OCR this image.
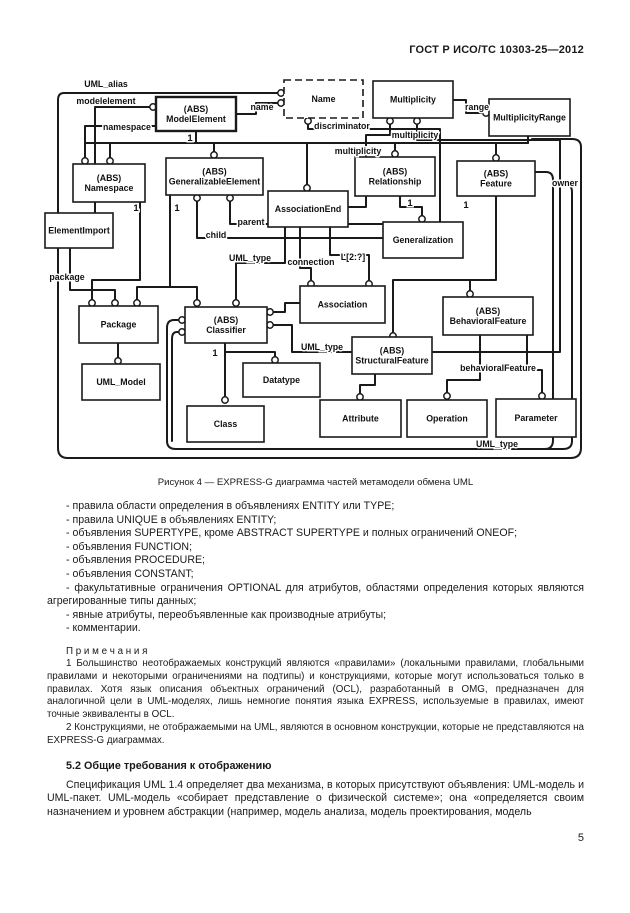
ГОСТ Р ИСО/ТС 10303-25—2012
(ABS) ModelElement
Name	Multiplicity
MultiplicityRange
(ABS) Namespace
(ABS) GeneralizableElement
(ABS) Relationship
(ABS) Feature
ElementImport
AssociationEnd
Generalization
Package	(ABS) Classifier
Association
(ABS) BehavioralFeature
UML_Model	Datatype
(ABS) StructuralFeature
Class
Attribute	Operation	Parameter
UML_alias
modelelement
namespace
name
discriminator
multiplicity
multiplicity
range
owner
parent
child
UML_type connection L[2:?]
package
UML_type
behavioralFeature
UML_type
1
1	1	1	1
1
Рисунок 4 — EXPRESS-G диаграмма частей метамодели обмена UML

- правила области определения в объявлениях ENTITY или TYPE;

- правила UNIQUE в объявлениях ENTITY;

- объявления SUPERTYPE, кроме ABSTRACT SUPERTYPE и полных ограничений ONEOF;

- объявления FUNCTION;

- объявления PROCEDURE;

- объявления CONSTANT;

- факультативные ограничения OPTIONAL для атрибутов, областями определения которых являются агрегированные типы данных;

- явные атрибуты, переобъявленные как производные атрибуты;

- комментарии.

П р и м е ч а н и я

1 Большинство неотображаемых конструкций являются «правилами» (локальными правилами, глобальными правилами и некоторыми ограничениями на подтипы) и конструкциями, которые могут использоваться только в правилах. Хотя язык описания объектных ограничений (OCL), разработанный в OMG, предназначен для аналогичной цели в UML-моделях, лишь немногие понятия языка EXPRESS, используемые в правилах, имеют точные эквиваленты в OCL.

2 Конструкциями, не отображаемыми на UML, являются в основном конструкции, которые не представляются на EXPRESS-G диаграммах.

5.2 Общие требования к отображению

Спецификация UML 1.4 определяет два механизма, в которых присутствуют объявления: UML-модель и UML-пакет. UML-модель «собирает представление о физической системе»; она «определяется своим назначением и уровнем абстракции (например, модель анализа, модель проектирования, модель

5
